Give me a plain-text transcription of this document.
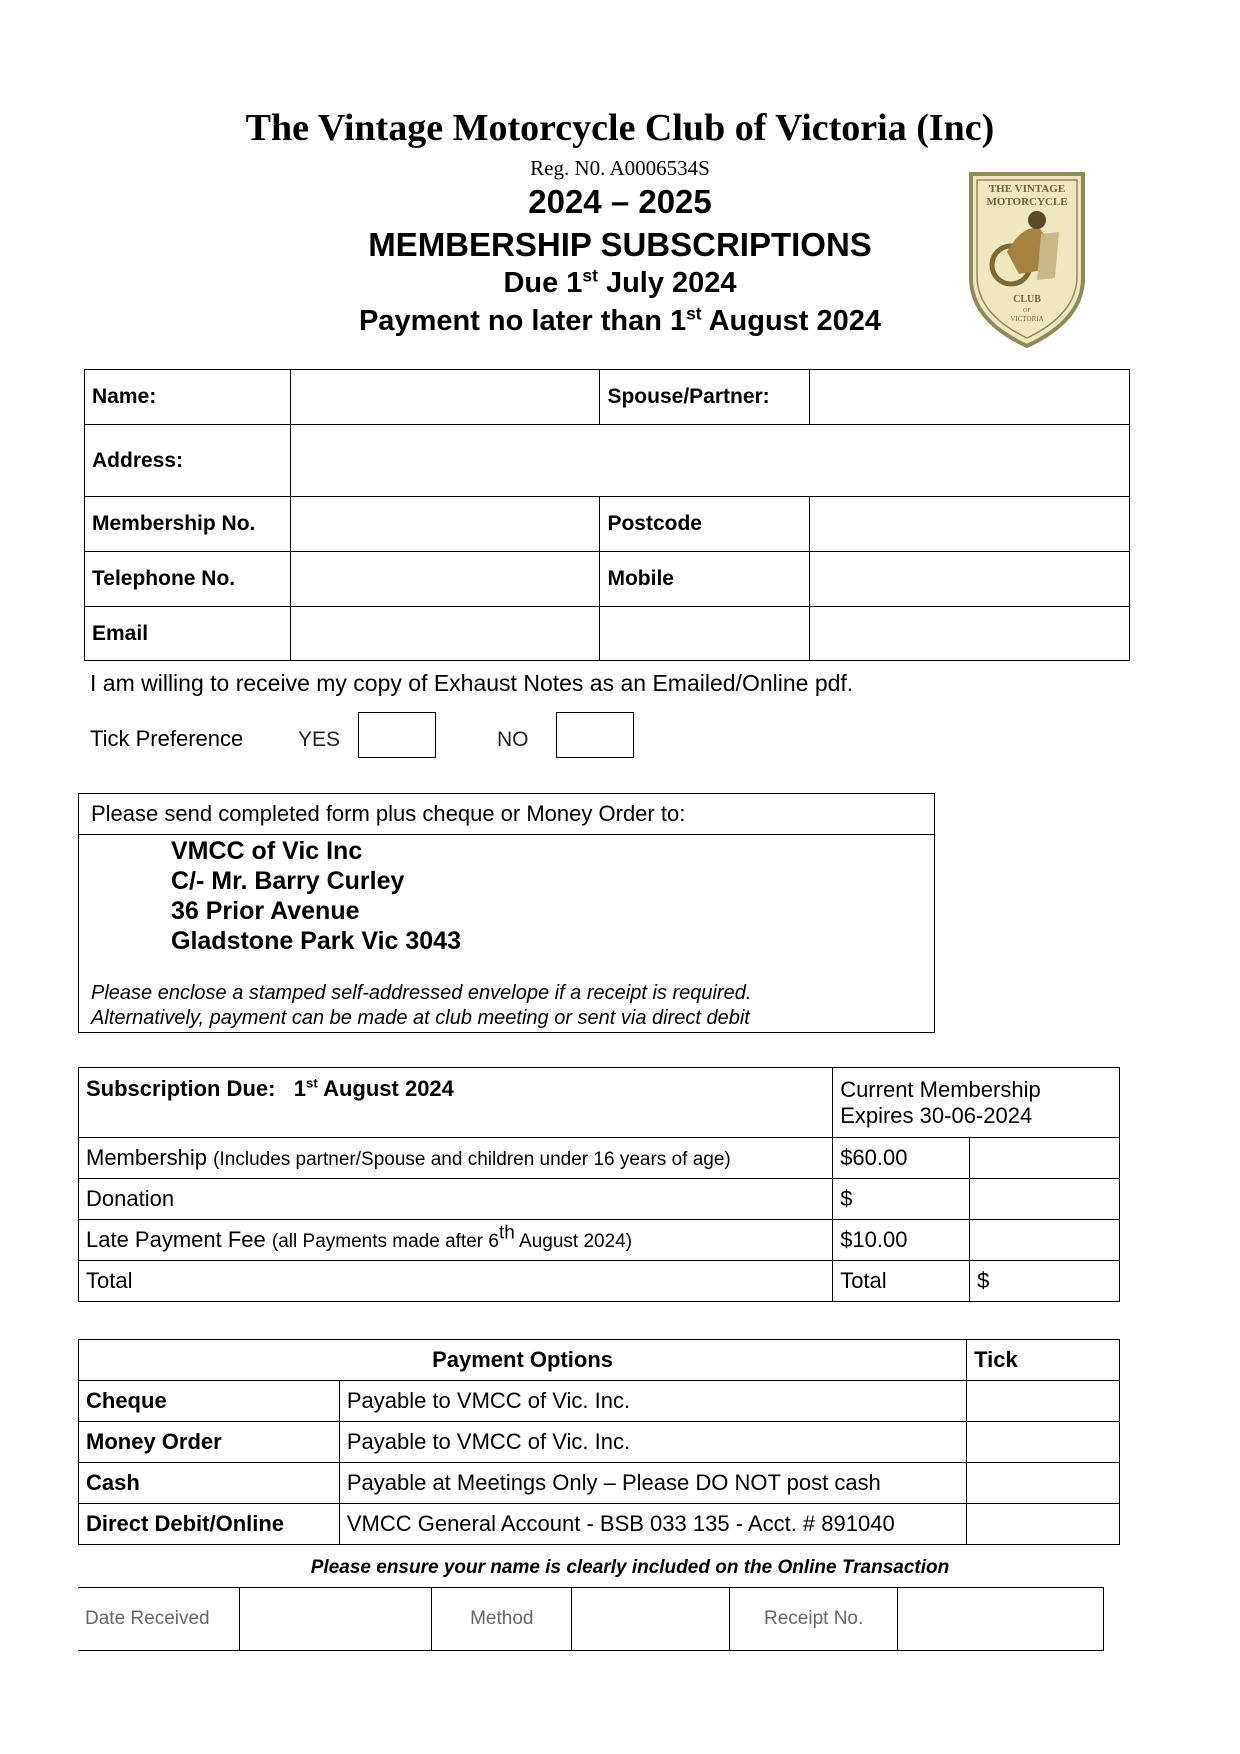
The Vintage Motorcycle Club of Victoria (Inc)
Reg. N0. A0006534S
2024 – 2025
MEMBERSHIP SUBSCRIPTIONS
Due 1st July 2024
Payment no later than 1st August 2024
THE VINTAGE
MOTORCYCLE
CLUB
OF
VICTORIA
Name:		Spouse/Partner:	
Address:			
Membership No.		Postcode	
Telephone No.		Mobile	
Email			
I am willing to receive my copy of Exhaust Notes as an Emailed/Online pdf.
Tick Preference	YES	NO
Please send completed form plus cheque or Money Order to:
VMCC of Vic Inc
C/- Mr. Barry Curley
36 Prior Avenue
Gladstone Park Vic 3043
Please enclose a stamped self-addressed envelope if a receipt is required.
Alternatively, payment can be made at club meeting or sent via direct debit
Subscription Due: 1st August 2024	Current Membership
Expires 30-06-2024	

Membership (Includes partner/Spouse and children under 16 years of age)	$60.00	
Donation	$	
Late Payment Fee (all Payments made after 6th August 2024)	$10.00	
Total	Total	$
Payment Options		Tick
Cheque	Payable to VMCC of Vic. Inc.	
Money Order	Payable to VMCC of Vic. Inc.	
Cash	Payable at Meetings Only – Please DO NOT post cash	
Direct Debit/Online	VMCC General Account - BSB 033 135 - Acct. # 891040	
Please ensure your name is clearly included on the Online Transaction
Date Received		Method		Receipt No.	
